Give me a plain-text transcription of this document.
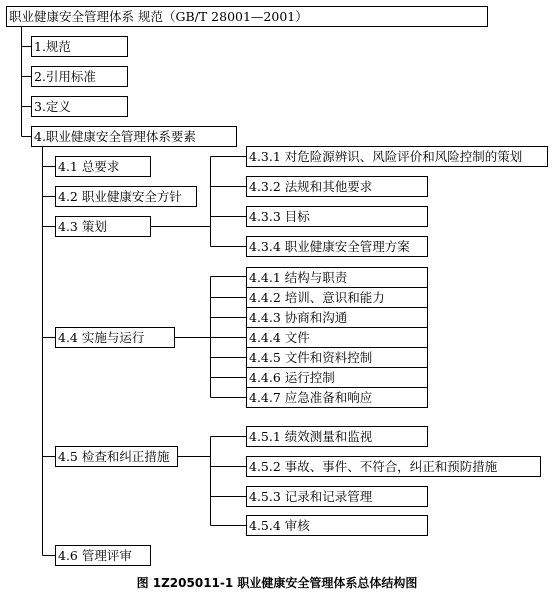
职业健康安全管理体系 规范（GB/T 28001—2001）
1.规范
2.引用标准
3.定义
4.职业健康安全管理体系要素
4.1 总要求
4.2 职业健康安全方针
4.3 策划
4.4 实施与运行
4.5 检查和纠正措施
4.6 管理评审
4.3.1 对危险源辨识、风险评价和风险控制的策划
4.3.2 法规和其他要求
4.3.3 目标
4.3.4 职业健康安全管理方案
4.4.1 结构与职责
4.4.2 培训、意识和能力
4.4.3 协商和沟通
4.4.4 文件
4.4.5 文件和资料控制
4.4.6 运行控制
4.4.7 应急准备和响应
4.5.1 绩效测量和监视
4.5.2 事故、事件、不符合，纠正和预防措施
4.5.3 记录和记录管理
4.5.4 审核
图 1Z205011-1 职业健康安全管理体系总体结构图
